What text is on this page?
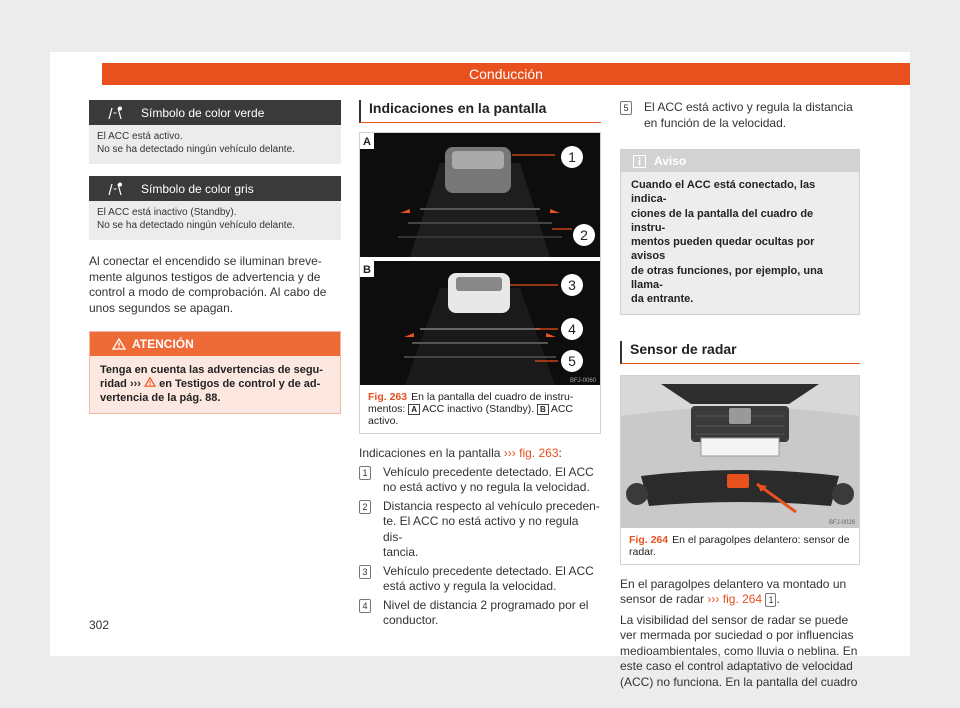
Conducción
Símbolo de color verde
El ACC está activo.
No se ha detectado ningún vehículo delante.
Símbolo de color gris
El ACC está inactivo (Standby).
No se ha detectado ningún vehículo delante.
Al conectar el encendido se iluminan breve-
mente algunos testigos de advertencia y de
control a modo de comprobación. Al cabo de
unos segundos se apagan.
ATENCIÓN
Tenga en cuenta las advertencias de segu-
ridad ››› en Testigos de control y de ad-
vertencia de la pág. 88.
Indicaciones en la pantalla
A
B
1
2
3
4
5
BFJ-0060
Fig. 263 En la pantalla del cuadro de instru-
mentos: A ACC inactivo (Standby). B ACC
activo.
Indicaciones en la pantalla ››› fig. 263:
1 Vehículo precedente detectado. El ACC
no está activo y no regula la velocidad.
2 Distancia respecto al vehículo preceden-
te. El ACC no está activo y no regula dis-
tancia.
3 Vehículo precedente detectado. El ACC
está activo y regula la velocidad.
4 Nivel de distancia 2 programado por el
conductor.
5 El ACC está activo y regula la distancia
en función de la velocidad.
Aviso
Cuando el ACC está conectado, las indica-
ciones de la pantalla del cuadro de instru-
mentos pueden quedar ocultas por avisos
de otras funciones, por ejemplo, una llama-
da entrante.
Sensor de radar
BFJ-0026
Fig. 264 En el paragolpes delantero: sensor de
radar.
En el paragolpes delantero va montado un
sensor de radar ››› fig. 264 1 .
La visibilidad del sensor de radar se puede
ver mermada por suciedad o por influencias
medioambientales, como lluvia o neblina. En
este caso el control adaptativo de velocidad
(ACC) no funciona. En la pantalla del cuadro
302
